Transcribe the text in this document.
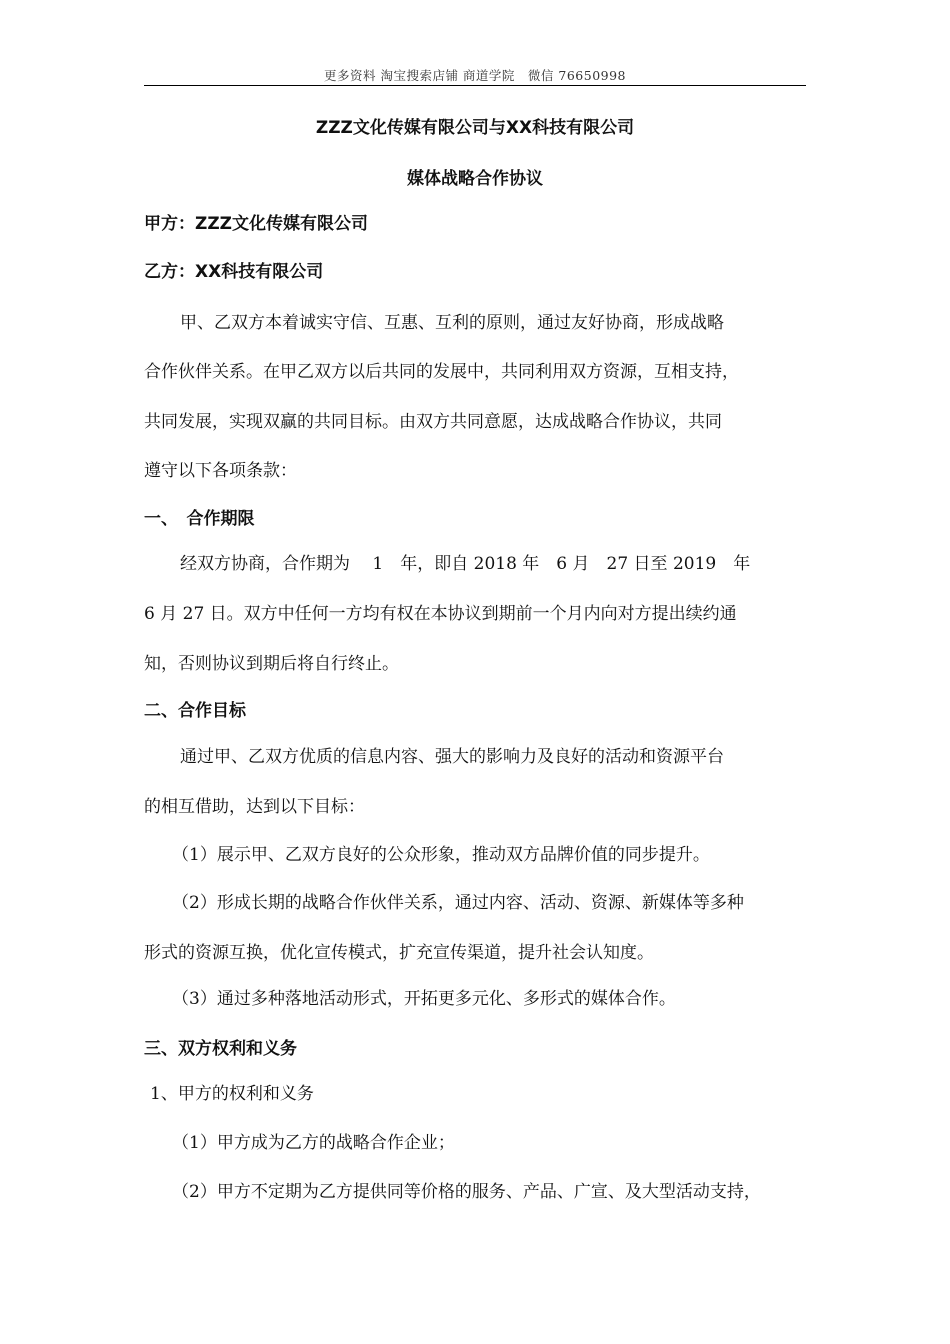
更多资料 淘宝搜索店铺 商道学院　微信 76650998
ZZZ文化传媒有限公司与XX科技有限公司
媒体战略合作协议
甲方：ZZZ文化传媒有限公司
乙方：XX科技有限公司
甲、乙双方本着诚实守信、互惠、互利的原则，通过友好协商，形成战略
合作伙伴关系。在甲乙双方以后共同的发展中，共同利用双方资源，互相支持，
共同发展，实现双赢的共同目标。由双方共同意愿，达成战略合作协议，共同
遵守以下各项条款：
一、　合作期限
经双方协商，合作期为　 1　年，即自 2018 年　6 月　27 日至 2019　年
6 月 27 日。双方中任何一方均有权在本协议到期前一个月内向对方提出续约通
知，否则协议到期后将自行终止。
二、合作目标
通过甲、乙双方优质的信息内容、强大的影响力及良好的活动和资源平台
的相互借助，达到以下目标：
（1）展示甲、乙双方良好的公众形象，推动双方品牌价值的同步提升。
（2）形成长期的战略合作伙伴关系，通过内容、活动、资源、新媒体等多种
形式的资源互换，优化宣传模式，扩充宣传渠道，提升社会认知度。
（3）通过多种落地活动形式，开拓更多元化、多形式的媒体合作。
三、双方权利和义务
1、甲方的权利和义务
（1）甲方成为乙方的战略合作企业；
（2）甲方不定期为乙方提供同等价格的服务、产品、广宣、及大型活动支持，
